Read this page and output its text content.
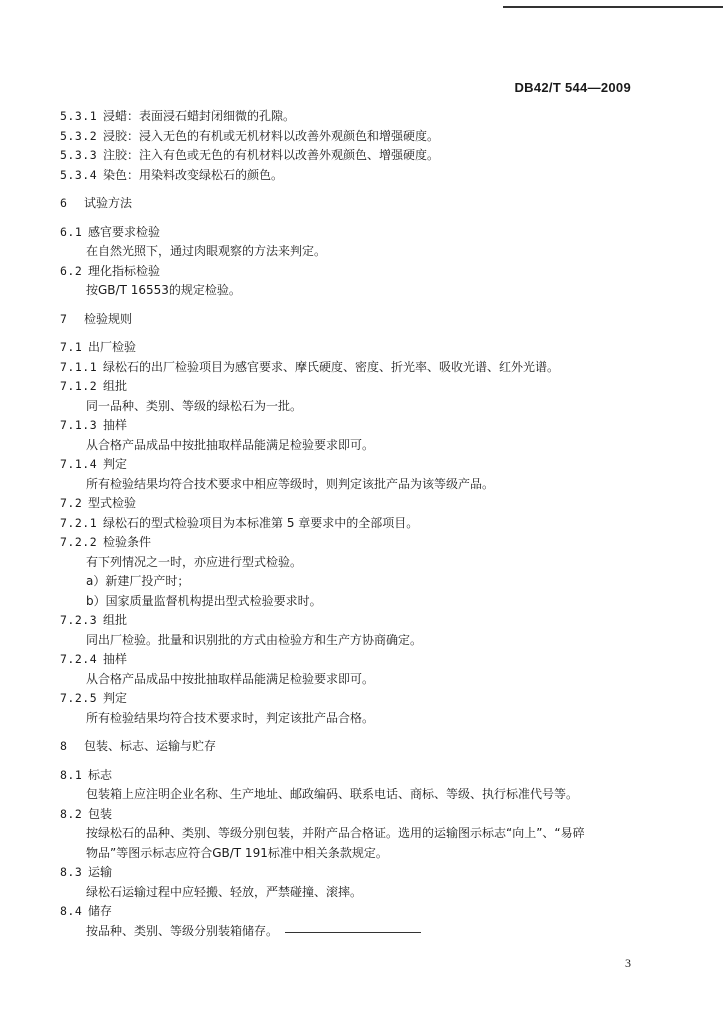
DB42/T 544—2009
5.3.1 浸蜡：表面浸石蜡封闭细微的孔隙。
5.3.2 浸胶：浸入无色的有机或无机材料以改善外观颜色和增强硬度。
5.3.3 注胶：注入有色或无色的有机材料以改善外观颜色、增强硬度。
5.3.4 染色：用染料改变绿松石的颜色。
6 试验方法
6.1 感官要求检验
在自然光照下，通过肉眼观察的方法来判定。
6.2 理化指标检验
按GB/T 16553的规定检验。
7 检验规则
7.1 出厂检验
7.1.1 绿松石的出厂检验项目为感官要求、摩氏硬度、密度、折光率、吸收光谱、红外光谱。
7.1.2 组批
同一品种、类别、等级的绿松石为一批。
7.1.3 抽样
从合格产品成品中按批抽取样品能满足检验要求即可。
7.1.4 判定
所有检验结果均符合技术要求中相应等级时，则判定该批产品为该等级产品。
7.2 型式检验
7.2.1 绿松石的型式检验项目为本标准第 5 章要求中的全部项目。
7.2.2 检验条件
有下列情况之一时，亦应进行型式检验。
a）新建厂投产时；
b）国家质量监督机构提出型式检验要求时。
7.2.3 组批
同出厂检验。批量和识别批的方式由检验方和生产方协商确定。
7.2.4 抽样
从合格产品成品中按批抽取样品能满足检验要求即可。
7.2.5 判定
所有检验结果均符合技术要求时，判定该批产品合格。
8 包装、标志、运输与贮存
8.1 标志
包装箱上应注明企业名称、生产地址、邮政编码、联系电话、商标、等级、执行标准代号等。
8.2 包装
按绿松石的品种、类别、等级分别包装，并附产品合格证。选用的运输图示标志“向上”、“易碎
物品”等图示标志应符合GB/T 191标准中相关条款规定。
8.3 运输
绿松石运输过程中应轻搬、轻放，严禁碰撞、滚摔。
8.4 储存
按品种、类别、等级分别装箱储存。
3
